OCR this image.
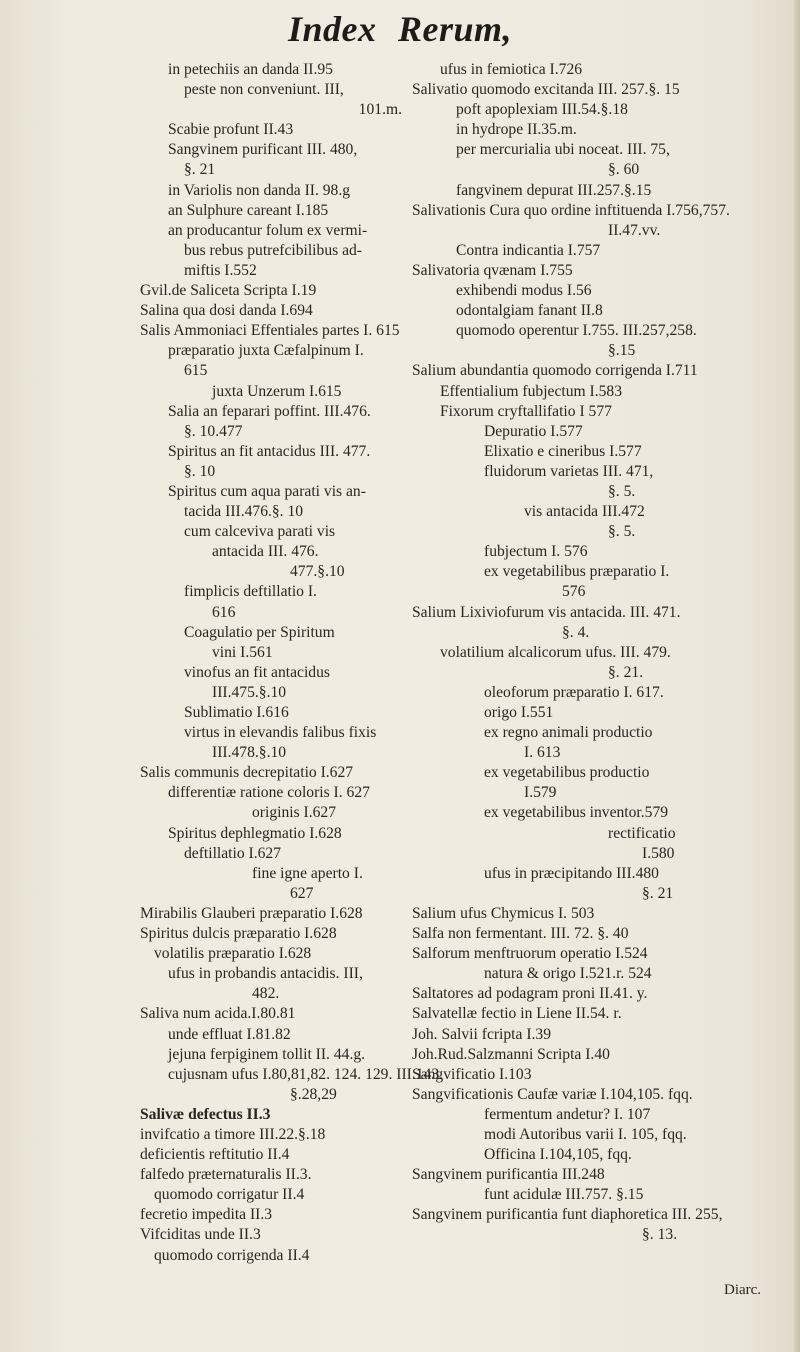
Index Rerum,
in petechiis an danda II.95
peste non conveniunt. III,
101.m.
Scabie profunt II.43
Sangvinem purificant III. 480,
§. 21
in Variolis non danda II. 98.g
an Sulphure careant I.185
an producantur folum ex vermi-
bus rebus putrefcibilibus ad-
miftis I.552
Gvil.de Saliceta Scripta I.19
Salina qua dosi danda I.694
Salis Ammoniaci Effentiales partes I. 615
præparatio juxta Cæfalpinum I.
615
juxta Unzerum I.615
Salia an feparari poffint. III.476.
§. 10.477
Spiritus an fit antacidus III. 477.
§. 10
Spiritus cum aqua parati vis an-
tacida III.476.§. 10
cum calceviva parati vis
antacida III. 476.
477.§.10
fimplicis deftillatio I.
616
Coagulatio per Spiritum
vini I.561
vinofus an fit antacidus
III.475.§.10
Sublimatio I.616
virtus in elevandis falibus fixis
III.478.§.10
Salis communis decrepitatio I.627
differentiæ ratione coloris I. 627
originis I.627
Spiritus dephlegmatio I.628
deftillatio I.627
fine igne aperto I.
627
Mirabilis Glauberi præparatio I.628
Spiritus dulcis præparatio I.628
volatilis præparatio I.628
ufus in probandis antacidis. III,
482.
Saliva num acida.I.80.81
unde effluat I.81.82
jejuna ferpiginem tollit II. 44.g.
cujusnam ufus I.80,81,82. 124. 129. III.143.
§.28,29
Salivæ defectus II.3
invifcatio a timore III.22.§.18
deficientis reftitutio II.4
falfedo præternaturalis II.3.
quomodo corrigatur II.4
fecretio impedita II.3
Vifciditas unde II.3
quomodo corrigenda II.4
ufus in femiotica I.726
Salivatio quomodo excitanda III. 257.§. 15
poft apoplexiam III.54.§.18
in hydrope II.35.m.
per mercurialia ubi noceat. III. 75,
§. 60
fangvinem depurat III.257.§.15
Salivationis Cura quo ordine inftituenda I.756,757.
II.47.vv.
Contra indicantia I.757
Salivatoria qvænam I.755
exhibendi modus I.56
odontalgiam fanant II.8
quomodo operentur I.755. III.257,258.
§.15
Salium abundantia quomodo corrigenda I.711
Effentialium fubjectum I.583
Fixorum cryftallifatio I 577
Depuratio I.577
Elixatio e cineribus I.577
fluidorum varietas III. 471,
§. 5.
vis antacida III.472
§. 5.
fubjectum I. 576
ex vegetabilibus præparatio I.
576
Salium Lixiviofurum vis antacida. III. 471.
§. 4.
volatilium alcalicorum ufus. III. 479.
§. 21.
oleoforum præparatio I. 617.
origo I.551
ex regno animali productio
I. 613
ex vegetabilibus productio
I.579
ex vegetabilibus inventor.579
rectificatio
I.580
ufus in præcipitando III.480
§. 21
Salium ufus Chymicus I. 503
Salfa non fermentant. III. 72. §. 40
Salforum menftruorum operatio I.524
natura & origo I.521.r. 524
Saltatores ad podagram proni II.41. y.
Salvatellæ fectio in Liene II.54. r.
Joh. Salvii fcripta I.39
Joh.Rud.Salzmanni Scripta I.40
Sangvificatio I.103
Sangvificationis Caufæ variæ I.104,105. fqq.
fermentum andetur? I. 107
modi Autoribus varii I. 105, fqq.
Officina I.104,105, fqq.
Sangvinem purificantia III.248
funt acidulæ III.757. §.15
Sangvinem purificantia funt diaphoretica III. 255,
§. 13.
Diarc.
